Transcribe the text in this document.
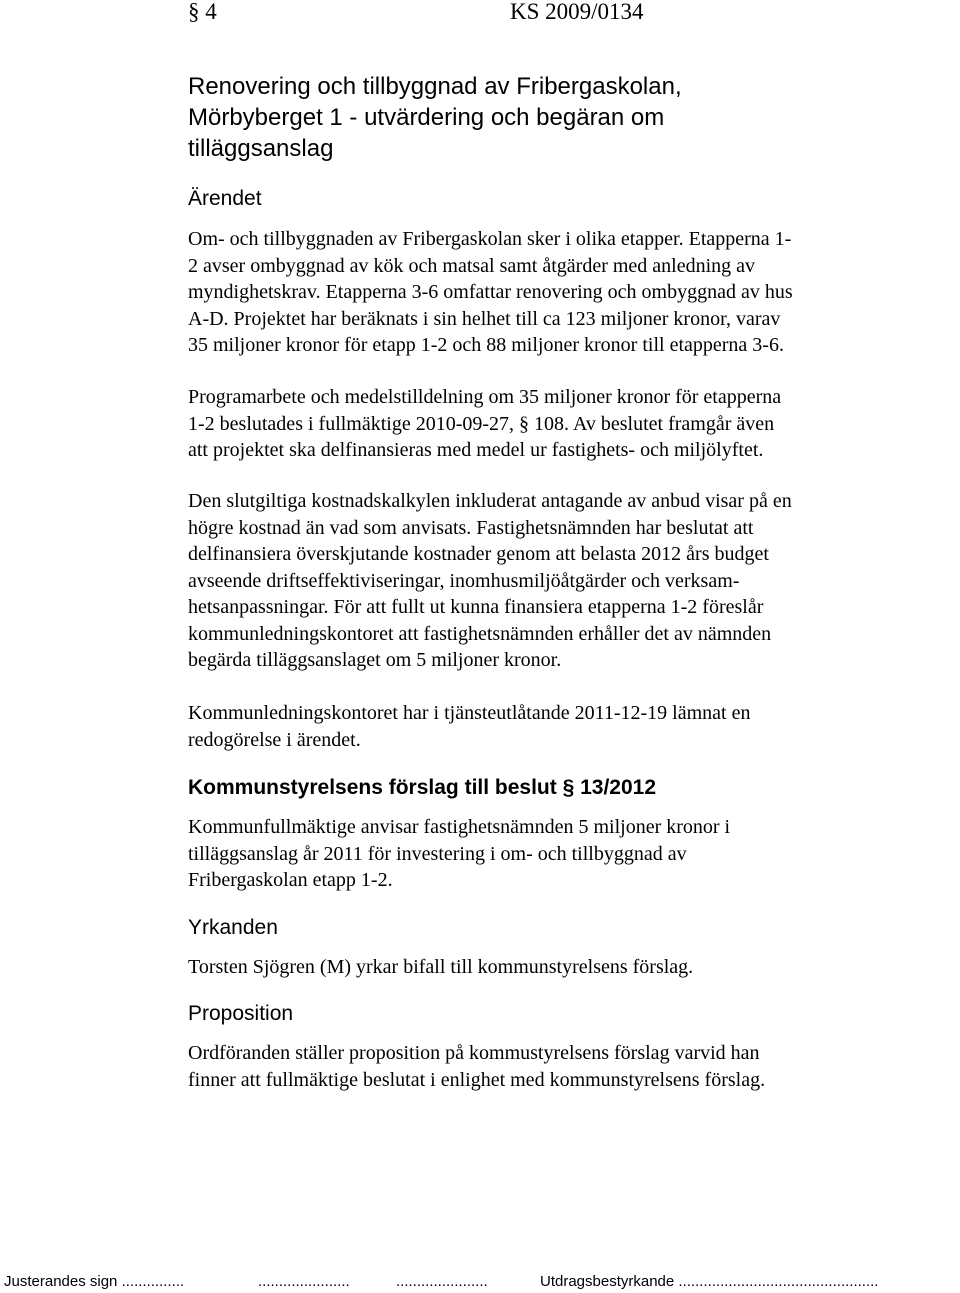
§ 4	KS 2009/0134
Renovering och tillbyggnad av Fribergaskolan,
Mörbyberget 1 - utvärdering och begäran om
tilläggsanslag
Ärendet
Om- och tillbyggnaden av Fribergaskolan sker i olika etapper. Etapperna 1-
2 avser ombyggnad av kök och matsal samt åtgärder med anledning av
myndighetskrav. Etapperna 3-6 omfattar renovering och ombyggnad av hus
A-D. Projektet har beräknats i sin helhet till ca 123 miljoner kronor, varav
35 miljoner kronor för etapp 1-2 och 88 miljoner kronor till etapperna 3-6.
Programarbete och medelstilldelning om 35 miljoner kronor för etapperna
1-2 beslutades i fullmäktige 2010-09-27, § 108. Av beslutet framgår även
att projektet ska delfinansieras med medel ur fastighets- och miljölyftet.
Den slutgiltiga kostnadskalkylen inkluderat antagande av anbud visar på en
högre kostnad än vad som anvisats. Fastighetsnämnden har beslutat att
delfinansiera överskjutande kostnader genom att belasta 2012 års budget
avseende driftseffektiviseringar, inomhusmiljöåtgärder och verksam-
hetsanpassningar. För att fullt ut kunna finansiera etapperna 1-2 föreslår
kommunledningskontoret att fastighetsnämnden erhåller det av nämnden
begärda tilläggsanslaget om 5 miljoner kronor.
Kommunledningskontoret har i tjänsteutlåtande 2011-12-19 lämnat en
redogörelse i ärendet.
Kommunstyrelsens förslag till beslut § 13/2012
Kommunfullmäktige anvisar fastighetsnämnden 5 miljoner kronor i
tilläggsanslag år 2011 för investering i om- och tillbyggnad av
Fribergaskolan etapp 1-2.
Yrkanden
Torsten Sjögren (M) yrkar bifall till kommunstyrelsens förslag.
Proposition
Ordföranden ställer proposition på kommustyrelsens förslag varvid han
finner att fullmäktige beslutat i enlighet med kommunstyrelsens förslag.
Justerandes sign ...............	......................	......................	Utdragsbestyrkande ................................................
